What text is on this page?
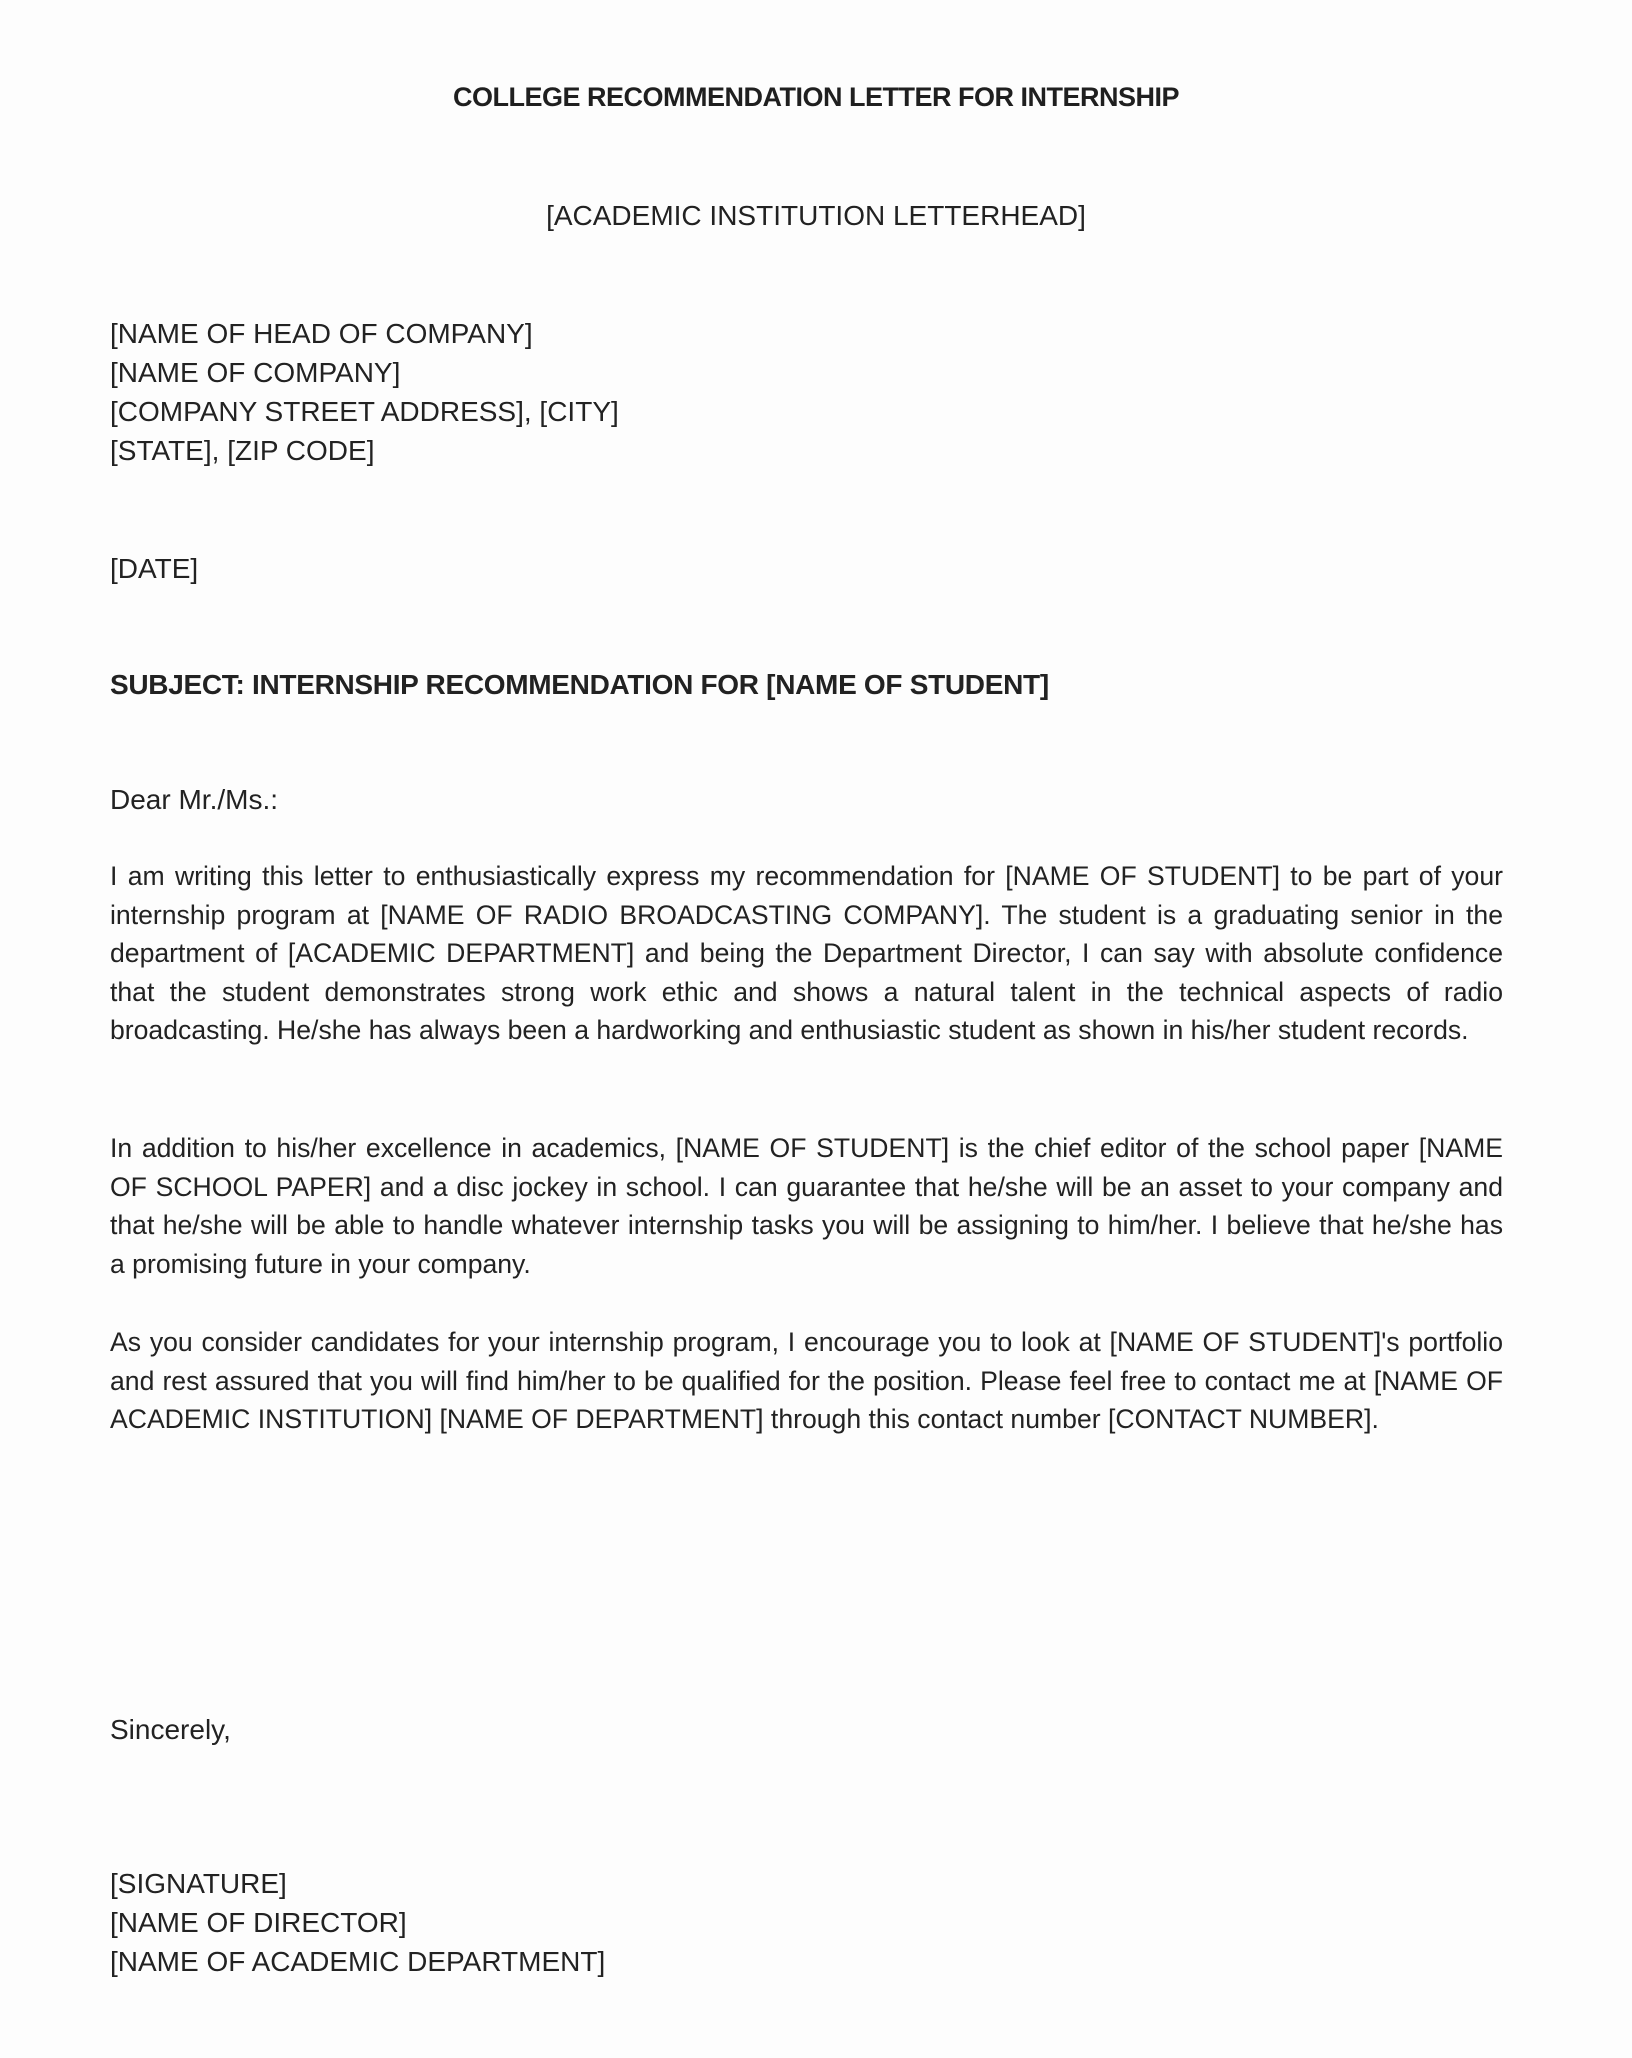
COLLEGE RECOMMENDATION LETTER FOR INTERNSHIP
[ACADEMIC INSTITUTION LETTERHEAD]
[NAME OF HEAD OF COMPANY]
[NAME OF COMPANY]
[COMPANY STREET ADDRESS], [CITY]
[STATE], [ZIP CODE]
[DATE]
SUBJECT: INTERNSHIP RECOMMENDATION FOR [NAME OF STUDENT]
Dear Mr./Ms.:
I am writing this letter to enthusiastically express my recommendation for [NAME OF STUDENT] to be part of your internship program at [NAME OF RADIO BROADCASTING COMPANY]. The student is a graduating senior in the department of [ACADEMIC DEPARTMENT] and being the Department Director, I can say with absolute confidence that the student demonstrates strong work ethic and shows a natural talent in the technical aspects of radio broadcasting. He/she has always been a hardworking and enthusiastic student as shown in his/her student records.
In addition to his/her excellence in academics, [NAME OF STUDENT] is the chief editor of the school paper [NAME OF SCHOOL PAPER] and a disc jockey in school. I can guarantee that he/she will be an asset to your company and that he/she will be able to handle whatever internship tasks you will be assigning to him/her. I believe that he/she has a promising future in your company.
As you consider candidates for your internship program, I encourage you to look at [NAME OF STUDENT]'s portfolio and rest assured that you will find him/her to be qualified for the position. Please feel free to contact me at [NAME OF ACADEMIC INSTITUTION] [NAME OF DEPARTMENT] through this contact number [CONTACT NUMBER].
Sincerely,
[SIGNATURE]
[NAME OF DIRECTOR]
[NAME OF ACADEMIC DEPARTMENT]
